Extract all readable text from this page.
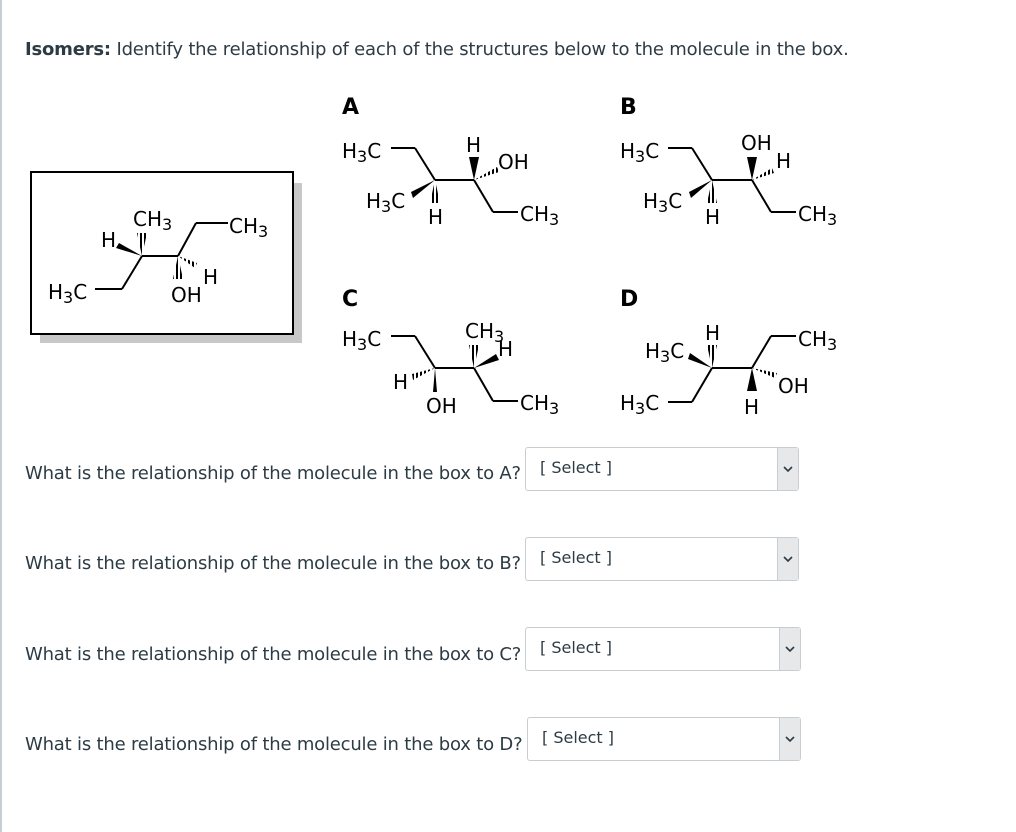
Isomers: Identify the relationship of each of the structures below to the molecule in the box.
$H_3C$
H
$CH_3$	$CH_3$
OH
H
A
$H_3C$
$H_3C$
H
H
OH
$CH_3$
B
$H_3C$
$H_3C$
H
OH
H
$CH_3$
C
$H_3C$
H
OH
$CH_3$
H
$CH_3$
D
$H_3C$
H	$CH_3$
$H_3C$	H
OH
What is the relationship of the molecule in the box to A? [ Select ]
What is the relationship of the molecule in the box to B? [ Select ]
What is the relationship of the molecule in the box to C? [ Select ]
What is the relationship of the molecule in the box to D? [ Select ]
